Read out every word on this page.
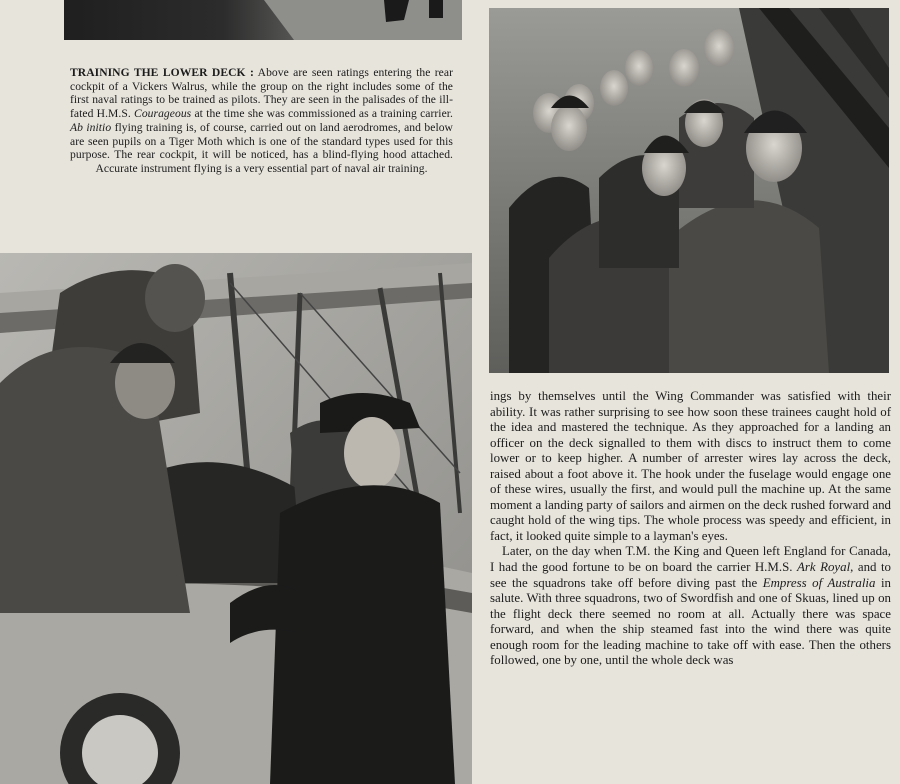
TRAINING THE LOWER DECK : Above are seen ratings entering the rear cockpit of a Vickers Walrus, while the group on the right includes some of the first naval ratings to be trained as pilots. They are seen in the palisades of the ill-fated H.M.S. Courageous at the time she was commissioned as a training carrier. Ab initio flying training is, of course, carried out on land aerodromes, and below are seen pupils on a Tiger Moth which is one of the standard types used for this purpose. The rear cockpit, it will be noticed, has a blind-flying hood attached. Accurate instrument flying is a very essential part of naval air training.

ings by themselves until the Wing Commander was satisfied with their ability. It was rather surprising to see how soon these trainees caught hold of the idea and mastered the technique. As they approached for a landing an officer on the deck signalled to them with discs to instruct them to come lower or to keep higher. A number of arrester wires lay across the deck, raised about a foot above it. The hook under the fuselage would engage one of these wires, usually the first, and would pull the machine up. At the same moment a landing party of sailors and airmen on the deck rushed forward and caught hold of the wing tips. The whole process was speedy and efficient, in fact, it looked quite simple to a layman's eyes.

Later, on the day when T.M. the King and Queen left England for Canada, I had the good fortune to be on board the carrier H.M.S. Ark Royal, and to see the squadrons take off before diving past the Empress of Australia in salute. With three squadrons, two of Swordfish and one of Skuas, lined up on the flight deck there seemed no room at all. Actually there was space forward, and when the ship steamed fast into the wind there was quite enough room for the leading machine to take off with ease. Then the others followed, one by one, until the whole deck was
